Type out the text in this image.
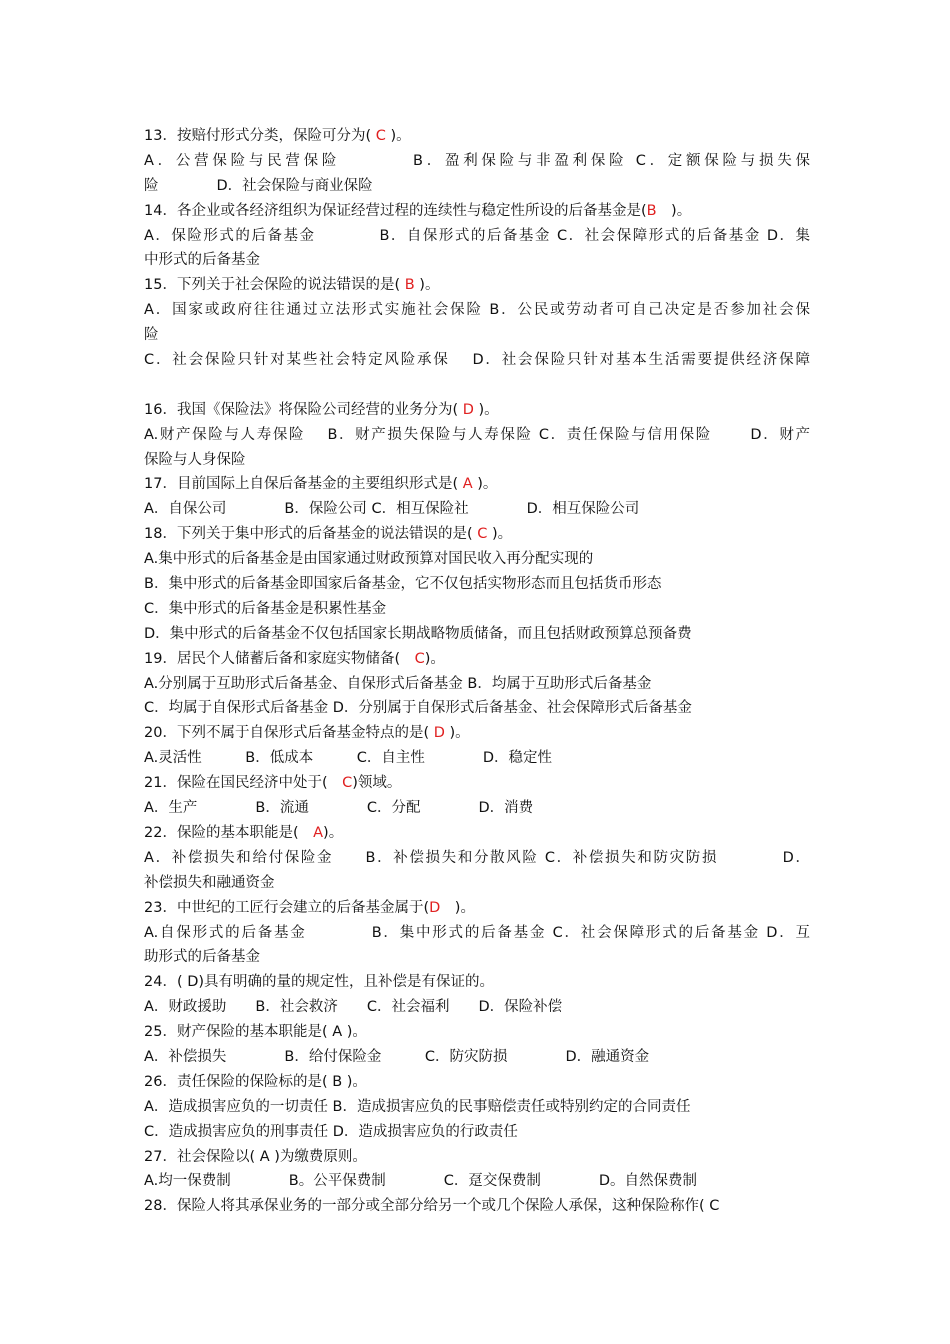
13．按赔付形式分类，保险可分为( C )。
A．公营保险与民营保险　　　　B．盈利保险与非盈利保险 C．定额保险与损失保
险　　　　D．社会保险与商业保险
14．各企业或各经济组织为保证经营过程的连续性与稳定性所设的后备基金是(B　)。
A．保险形式的后备基金　　　　B．自保形式的后备基金 C．社会保障形式的后备基金 D．集
中形式的后备基金
15．下列关于社会保险的说法错误的是( B )。
A．国家或政府往往通过立法形式实施社会保险 B．公民或劳动者可自己决定是否参加社会保
险
C．社会保险只针对某些社会特定风险承保　 D．社会保险只针对基本生活需要提供经济保障
16．我国《保险法》将保险公司经营的业务分为( D )。
A.财产保险与人寿保险　 B．财产损失保险与人寿保险 C．责任保险与信用保险　　 D．财产
保险与人身保险
17．目前国际上自保后备基金的主要组织形式是( A )。
A．自保公司　　　　B．保险公司 C．相互保险社　　　　D．相互保险公司
18．下列关于集中形式的后备基金的说法错误的是( C )。
A.集中形式的后备基金是由国家通过财政预算对国民收入再分配实现的
B．集中形式的后备基金即国家后备基金，它不仅包括实物形态而且包括货币形态
C．集中形式的后备基金是积累性基金
D．集中形式的后备基金不仅包括国家长期战略物质储备，而且包括财政预算总预备费
19．居民个人储蓄后备和家庭实物储备(　C)。
A.分别属于互助形式后备基金、自保形式后备基金 B．均属于互助形式后备基金
C．均属于自保形式后备基金 D．分别属于自保形式后备基金、社会保障形式后备基金
20．下列不属于自保形式后备基金特点的是( D )。
A.灵活性　　　B．低成本　　　C．自主性　　　　D．稳定性
21．保险在国民经济中处于(　C)领域。
A．生产　　　　B．流通　　　　C．分配　　　　D．消费
22．保险的基本职能是(　A)。
A．补偿损失和给付保险金　　B．补偿损失和分散风险 C．补偿损失和防灾防损　　　　D．
补偿损失和融通资金
23．中世纪的工匠行会建立的后备基金属于(D　)。
A.自保形式的后备基金　　　　B．集中形式的后备基金 C．社会保障形式的后备基金 D．互
助形式的后备基金
24．( D)具有明确的量的规定性，且补偿是有保证的。
A．财政援助　　B．社会救济　　C．社会福利　　D．保险补偿
25．财产保险的基本职能是( A )。
A．补偿损失　　　　B．给付保险金　　　C．防灾防损　　　　D．融通资金
26．责任保险的保险标的是( B )。
A．造成损害应负的一切责任 B．造成损害应负的民事赔偿责任或特别约定的合同责任
C．造成损害应负的刑事责任 D．造成损害应负的行政责任
27．社会保险以( A )为缴费原则。
A.均一保费制　　　　B。公平保费制　　　　C．趸交保费制　　　　D。自然保费制
28．保险人将其承保业务的一部分或全部分给另一个或几个保险人承保，这种保险称作( C
